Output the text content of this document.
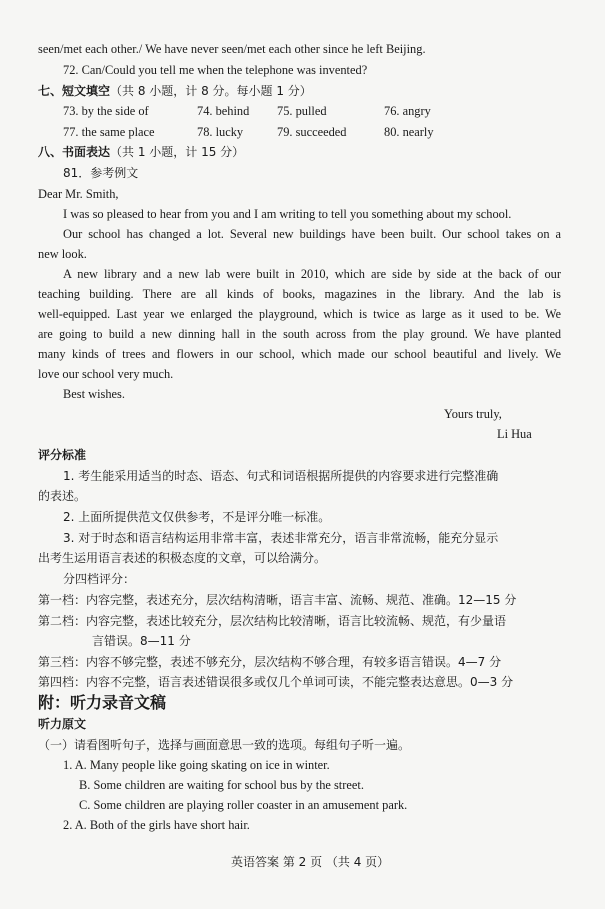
seen/met each other./ We have never seen/met each other since he left Beijing.
72. Can/Could you tell me when the telephone was invented?
七、短文填空（共 8 小题，计 8 分。每小题 1 分）
73. by the side of	74. behind 75. pulled	76. angry
77. the same place	78. lucky	79. succeeded	80. nearly
八、书面表达（共 1 小题，计 15 分）
81．参考例文
Dear Mr. Smith,
I was so pleased to hear from you and I am writing to tell you something about my school.
Our school has changed a lot. Several new buildings have been built. Our school takes on a
new look.
A new library and a new lab were built in 2010, which are side by side at the back of our
teaching building. There are all kinds of books, magazines in the library. And the lab is
well-equipped. Last year we enlarged the playground, which is twice as large as it used to be. We
are going to build a new dinning hall in the south across from the play ground. We have planted
many kinds of trees and flowers in our school, which made our school beautiful and lively. We
love our school very much.
Best wishes.
Yours truly,
Li Hua
评分标准
1. 考生能采用适当的时态、语态、句式和词语根据所提供的内容要求进行完整准确
的表述。
2. 上面所提供范文仅供参考，不是评分唯一标准。
3. 对于时态和语言结构运用非常丰富，表述非常充分，语言非常流畅，能充分显示
出考生运用语言表述的积极态度的文章，可以给满分。
分四档评分：
第一档：内容完整，表述充分，层次结构清晰，语言丰富、流畅、规范、准确。12—15 分
第二档：内容完整，表述比较充分，层次结构比较清晰，语言比较流畅、规范，有少量语
言错误。8—11 分
第三档：内容不够完整，表述不够充分，层次结构不够合理，有较多语言错误。4—7 分
第四档：内容不完整，语言表述错误很多或仅几个单词可读，不能完整表达意思。0—3 分
附：听力录音文稿
听力原文
（一）请看图听句子，选择与画面意思一致的选项。每组句子听一遍。
1. A. Many people like going skating on ice in winter.
B. Some children are waiting for school bus by the street.
C. Some children are playing roller coaster in an amusement park.
2. A. Both of the girls have short hair.
英语答案 第 2 页 （共 4 页）
